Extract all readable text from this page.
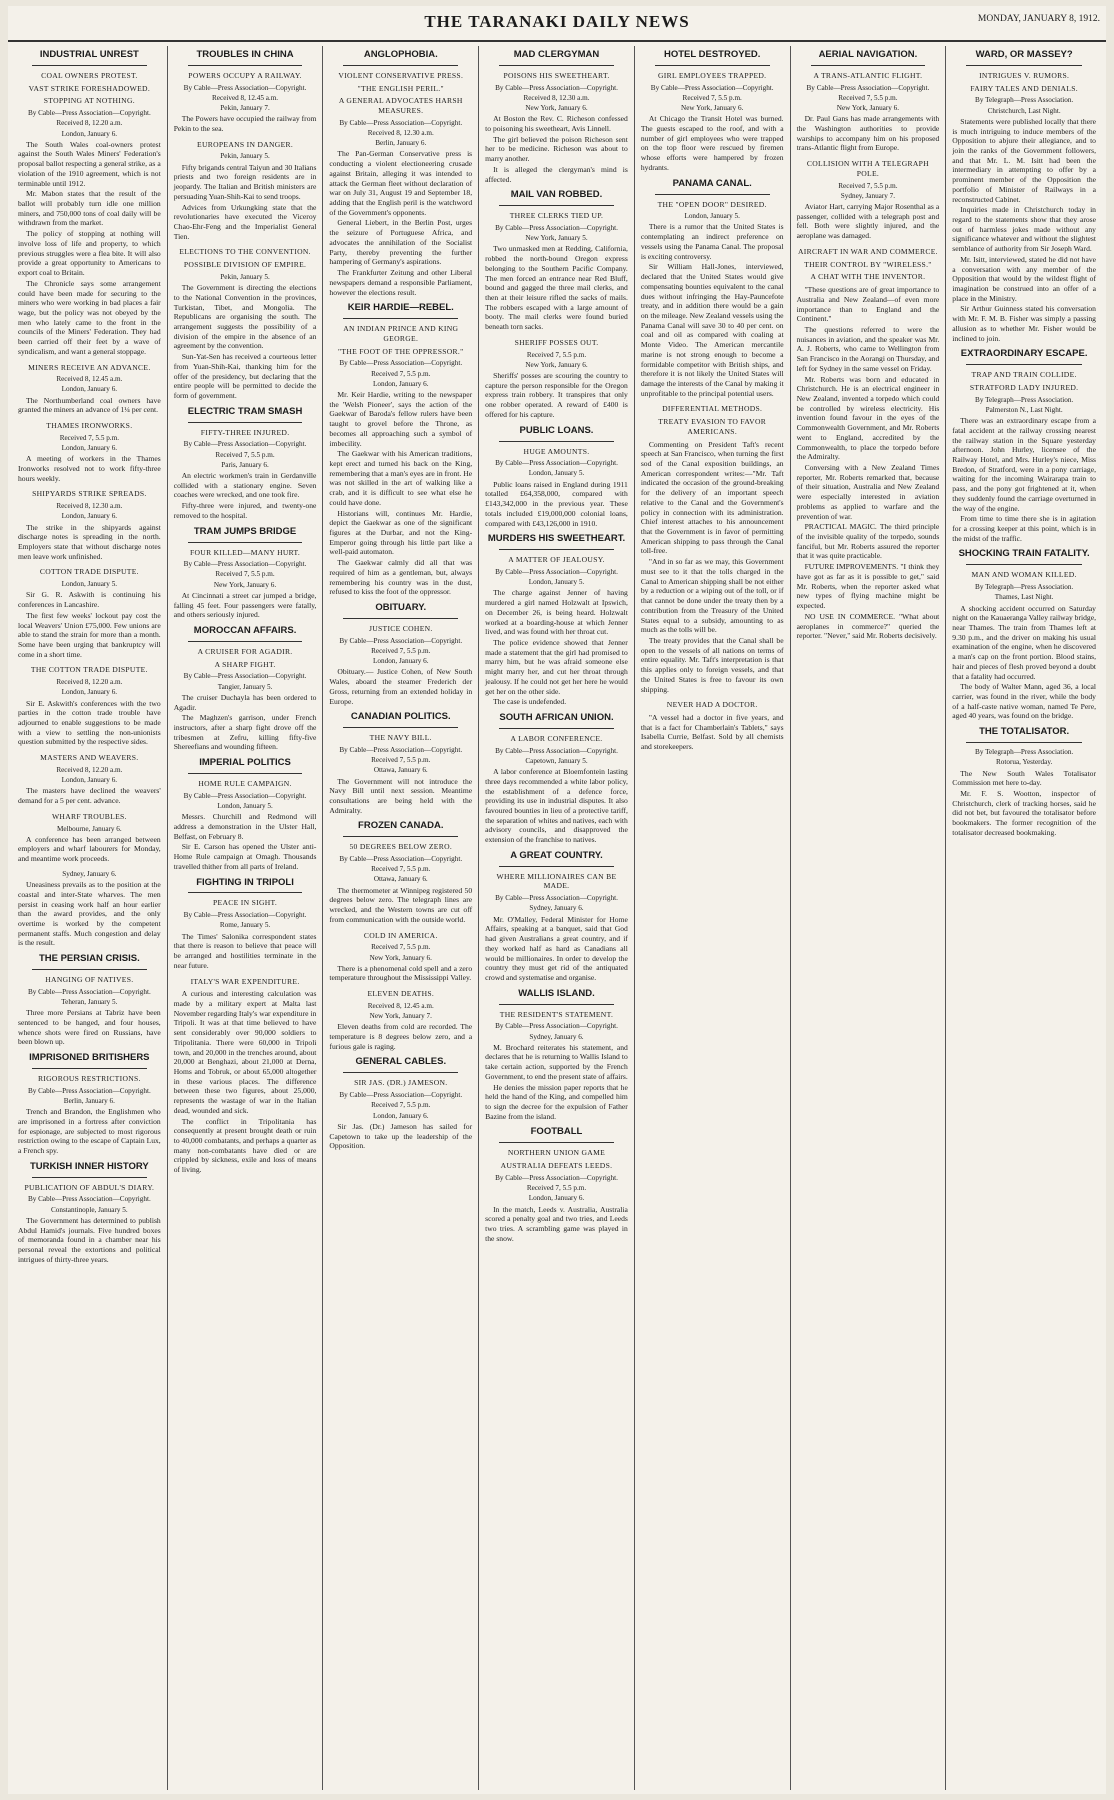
THE TARANAKI DAILY NEWS	MONDAY, JANUARY 8, 1912.
INDUSTRIAL UNREST
COAL OWNERS PROTEST.
VAST STRIKE FORESHADOWED.
STOPPING AT NOTHING.
By Cable—Press Association—Copyright.
Received 8, 12.20 a.m.
London, January 6.
The South Wales coal-owners protest against the South Wales Miners' Federation's proposal ballot respecting a general strike, as a violation of the 1910 agreement, which is not terminable until 1912.
Mr. Mabon states that the result of the ballot will probably turn idle one million miners, and 750,000 tons of coal daily will be withdrawn from the market.
The policy of stopping at nothing will involve loss of life and property, to which previous struggles were a flea bite. It will also provide a great opportunity to Americans to export coal to Britain.
The Chronicle says some arrangement could have been made for securing to the miners who were working in bad places a fair wage, but the policy was not obeyed by the men who lately came to the front in the councils of the Miners' Federation. They had been carried off their feet by a wave of syndicalism, and want a general stoppage.
MINERS RECEIVE AN ADVANCE.
Received 8, 12.45 a.m.
London, January 6.
The Northumberland coal owners have granted the miners an advance of 1¼ per cent.
THAMES IRONWORKS.
Received 7, 5.5 p.m.
London, January 6.
A meeting of workers in the Thames Ironworks resolved not to work fifty-three hours weekly.
SHIPYARDS STRIKE SPREADS.
Received 8, 12.30 a.m.
London, January 6.
The strike in the shipyards against discharge notes is spreading in the north. Employers state that without discharge notes men leave work unfinished.
COTTON TRADE DISPUTE.
London, January 5.
Sir G. R. Askwith is continuing his conferences in Lancashire.
The first few weeks' lockout pay cost the local Weavers' Union £75,000. Few unions are able to stand the strain for more than a month. Some have been urging that bankruptcy will come in a short time.
THE COTTON TRADE DISPUTE.
Received 8, 12.20 a.m.
London, January 6.
Sir E. Askwith's conferences with the two parties in the cotton trade trouble have adjourned to enable suggestions to be made with a view to settling the non-unionists question submitted by the respective sides.
MASTERS AND WEAVERS.
Received 8, 12.20 a.m.
London, January 6.
The masters have declined the weavers' demand for a 5 per cent. advance.
WHARF TROUBLES.
Melbourne, January 6.
A conference has been arranged between employers and wharf labourers for Monday, and meantime work proceeds.
Sydney, January 6.
Uneasiness prevails as to the position at the coastal and inter-State wharves. The men persist in ceasing work half an hour earlier than the award provides, and the only overtime is worked by the competent permanent staffs. Much congestion and delay is the result.
THE PERSIAN CRISIS.
HANGING OF NATIVES.
By Cable—Press Association—Copyright.
Teheran, January 5.
Three more Persians at Tabriz have been sentenced to be hanged, and four houses, whence shots were fired on Russians, have been blown up.
IMPRISONED BRITISHERS
RIGOROUS RESTRICTIONS.
By Cable—Press Association—Copyright.
Berlin, January 6.
Trench and Brandon, the Englishmen who are imprisoned in a fortress after conviction for espionage, are subjected to most rigorous restriction owing to the escape of Captain Lux, a French spy.
TURKISH INNER HISTORY
PUBLICATION OF ABDUL'S DIARY.
By Cable—Press Association—Copyright.
Constantinople, January 5.
The Government has determined to publish Abdul Hamid's journals. Five hundred boxes of memoranda found in a chamber near his personal reveal the extortions and political intrigues of thirty-three years.
TROUBLES IN CHINA
POWERS OCCUPY A RAILWAY.
By Cable—Press Association—Copyright.
Received 8, 12.45 a.m.
Pekin, January 7.
The Powers have occupied the railway from Pekin to the sea.
EUROPEANS IN DANGER.
Pekin, January 5.
Fifty brigands central Taiyun and 30 Italians priests and two foreign residents are in jeopardy. The Italian and British ministers are persuading Yuan-Shih-Kai to send troops.
Advices from Urkungking state that the revolutionaries have executed the Viceroy Chao-Ehr-Feng and the Imperialist General Tien.
ELECTIONS TO THE CONVENTION.
POSSIBLE DIVISION OF EMPIRE.
Pekin, January 5.
The Government is directing the elections to the National Convention in the provinces, Turkistan, Tibet, and Mongolia. The Republicans are organising the south. The arrangement suggests the possibility of a division of the empire in the absence of an agreement by the convention.
Sun-Yat-Sen has received a courteous letter from Yuan-Shih-Kai, thanking him for the offer of the presidency, but declaring that the entire people will be permitted to decide the form of government.
ELECTRIC TRAM SMASH
FIFTY-THREE INJURED.
By Cable—Press Association—Copyright.
Received 7, 5.5 p.m.
Paris, January 6.
An electric workmen's train in Gerdanville collided with a stationary engine. Seven coaches were wrecked, and one took fire.
Fifty-three were injured, and twenty-one removed to the hospital.
TRAM JUMPS BRIDGE
FOUR KILLED—MANY HURT.
By Cable—Press Association—Copyright.
Received 7, 5.5 p.m.
New York, January 6.
At Cincinnati a street car jumped a bridge, falling 45 feet. Four passengers were fatally, and others seriously injured.
MOROCCAN AFFAIRS.
A CRUISER FOR AGADIR.
A SHARP FIGHT.
By Cable—Press Association—Copyright.
Tangier, January 5.
The cruiser Duchayla has been ordered to Agadir.
The Maghzen's garrison, under French instructors, after a sharp fight drove off the tribesmen at Zefru, killing fifty-five Shereefians and wounding fifteen.
IMPERIAL POLITICS
HOME RULE CAMPAIGN.
By Cable—Press Association—Copyright.
London, January 5.
Messrs. Churchill and Redmond will address a demonstration in the Ulster Hall, Belfast, on February 8.
Sir E. Carson has opened the Ulster anti-Home Rule campaign at Omagh. Thousands travelled thither from all parts of Ireland.
FIGHTING IN TRIPOLI
PEACE IN SIGHT.
By Cable—Press Association—Copyright.
Rome, January 5.
The Times' Salonika correspondent states that there is reason to believe that peace will be arranged and hostilities terminate in the near future.
ITALY'S WAR EXPENDITURE.
A curious and interesting calculation was made by a military expert at Malta last November regarding Italy's war expenditure in Tripoli. It was at that time believed to have sent considerably over 90,000 soldiers to Tripolitania. There were 60,000 in Tripoli town, and 20,000 in the trenches around, about 20,000 at Benghazi, about 21,000 at Derna, Homs and Tobruk, or about 65,000 altogether in these various places. The difference between these two figures, about 25,000, represents the wastage of war in the Italian dead, wounded and sick.
The conflict in Tripolitania has consequently at present brought death or ruin to 40,000 combatants, and perhaps a quarter as many non-combatants have died or are crippled by sickness, exile and loss of means of living.
ANGLOPHOBIA.
VIOLENT CONSERVATIVE PRESS.
"THE ENGLISH PERIL."
A GENERAL ADVOCATES HARSH MEASURES.
By Cable—Press Association—Copyright.
Received 8, 12.30 a.m.
Berlin, January 6.
The Pan-German Conservative press is conducting a violent electioneering crusade against Britain, alleging it was intended to attack the German fleet without declaration of war on July 31, August 19 and September 18, adding that the English peril is the watchword of the Government's opponents.
General Liebert, in the Berlin Post, urges the seizure of Portuguese Africa, and advocates the annihilation of the Socialist Party, thereby preventing the further hampering of Germany's aspirations.
The Frankfurter Zeitung and other Liberal newspapers demand a responsible Parliament, however the elections result.
KEIR HARDIE—REBEL.
AN INDIAN PRINCE AND KING GEORGE.
"THE FOOT OF THE OPPRESSOR."
By Cable—Press Association—Copyright.
Received 7, 5.5 p.m.
London, January 6.
Mr. Keir Hardie, writing to the newspaper the 'Welsh Pioneer', says the action of the Gaekwar of Baroda's fellow rulers have been taught to grovel before the Throne, as becomes all approaching such a symbol of imbecility.
The Gaekwar with his American traditions, kept erect and turned his back on the King, remembering that a man's eyes are in front. He was not skilled in the art of walking like a crab, and it is difficult to see what else he could have done.
Historians will, continues Mr. Hardie, depict the Gaekwar as one of the significant figures at the Durbar, and not the King-Emperor going through his little part like a well-paid automaton.
The Gaekwar calmly did all that was required of him as a gentleman, but, always remembering his country was in the dust, refused to kiss the foot of the oppressor.
OBITUARY.
JUSTICE COHEN.
By Cable—Press Association—Copyright.
Received 7, 5.5 p.m.
London, January 6.
Obituary.— Justice Cohen, of New South Wales, aboard the steamer Frederich der Gross, returning from an extended holiday in Europe.
CANADIAN POLITICS.
THE NAVY BILL.
By Cable—Press Association—Copyright.
Received 7, 5.5 p.m.
Ottawa, January 6.
The Government will not introduce the Navy Bill until next session. Meantime consultations are being held with the Admiralty.
FROZEN CANADA.
50 DEGREES BELOW ZERO.
By Cable—Press Association—Copyright.
Received 7, 5.5 p.m.
Ottawa, January 6.
The thermometer at Winnipeg registered 50 degrees below zero. The telegraph lines are wrecked, and the Western towns are cut off from communication with the outside world.
COLD IN AMERICA.
Received 7, 5.5 p.m.
New York, January 6.
There is a phenomenal cold spell and a zero temperature throughout the Mississippi Valley.
ELEVEN DEATHS.
Received 8, 12.45 a.m.
New York, January 7.
Eleven deaths from cold are recorded. The temperature is 8 degrees below zero, and a furious gale is raging.
GENERAL CABLES.
SIR JAS. (DR.) JAMESON.
By Cable—Press Association—Copyright.
Received 7, 5.5 p.m.
London, January 6.
Sir Jas. (Dr.) Jameson has sailed for Capetown to take up the leadership of the Opposition.
MAD CLERGYMAN
POISONS HIS SWEETHEART.
By Cable—Press Association—Copyright.
Received 8, 12.30 a.m.
New York, January 6.
At Boston the Rev. C. Richeson confessed to poisoning his sweetheart, Avis Linnell.
The girl believed the poison Richeson sent her to be medicine. Richeson was about to marry another.
It is alleged the clergyman's mind is affected.
MAIL VAN ROBBED.
THREE CLERKS TIED UP.
By Cable—Press Association—Copyright.
New York, January 5.
Two unmasked men at Redding, California, robbed the north-bound Oregon express belonging to the Southern Pacific Company. The men forced an entrance near Red Bluff, bound and gagged the three mail clerks, and then at their leisure rifled the sacks of mails. The robbers escaped with a large amount of booty. The mail clerks were found buried beneath torn sacks.
SHERIFF POSSES OUT.
Received 7, 5.5 p.m.
New York, January 6.
Sheriffs' posses are scouring the country to capture the person responsible for the Oregon express train robbery. It transpires that only one robber operated. A reward of £400 is offered for his capture.
PUBLIC LOANS.
HUGE AMOUNTS.
By Cable—Press Association—Copyright.
London, January 5.
Public loans raised in England during 1911 totalled £64,358,000, compared with £143,342,000 in the previous year. These totals included £19,000,000 colonial loans, compared with £43,126,000 in 1910.
MURDERS HIS SWEETHEART.
A MATTER OF JEALOUSY.
By Cable—Press Association—Copyright.
London, January 5.
The charge against Jenner of having murdered a girl named Holzwalt at Ipswich, on December 26, is being heard. Holzwalt worked at a boarding-house at which Jenner lived, and was found with her throat cut.
The police evidence showed that Jenner made a statement that the girl had promised to marry him, but he was afraid someone else might marry her, and cut her throat through jealousy. If he could not get her here he would get her on the other side.
The case is undefended.
SOUTH AFRICAN UNION.
A LABOR CONFERENCE.
By Cable—Press Association—Copyright.
Capetown, January 5.
A labor conference at Bloemfontein lasting three days recommended a white labor policy, the establishment of a defence force, providing its use in industrial disputes. It also favoured bounties in lieu of a protective tariff, the separation of whites and natives, each with advisory councils, and disapproved the extension of the franchise to natives.
A GREAT COUNTRY.
WHERE MILLIONAIRES CAN BE MADE.
By Cable—Press Association—Copyright.
Sydney, January 6.
Mr. O'Malley, Federal Minister for Home Affairs, speaking at a banquet, said that God had given Australians a great country, and if they worked half as hard as Canadians all would be millionaires. In order to develop the country they must get rid of the antiquated crowd and systematise and organise.
WALLIS ISLAND.
THE RESIDENT'S STATEMENT.
By Cable—Press Association—Copyright.
Sydney, January 6.
M. Brochard reiterates his statement, and declares that he is returning to Wallis Island to take certain action, supported by the French Government, to end the present state of affairs.
He denies the mission paper reports that he held the hand of the King, and compelled him to sign the decree for the expulsion of Father Bazine from the island.
FOOTBALL
NORTHERN UNION GAME
AUSTRALIA DEFEATS LEEDS.
By Cable—Press Association—Copyright.
Received 7, 5.5 p.m.
London, January 6.
In the match, Leeds v. Australia, Australia scored a penalty goal and two tries, and Leeds two tries. A scrambling game was played in the snow.
HOTEL DESTROYED.
GIRL EMPLOYEES TRAPPED.
By Cable—Press Association—Copyright.
Received 7, 5.5 p.m.
New York, January 6.
At Chicago the Transit Hotel was burned. The guests escaped to the roof, and with a number of girl employees who were trapped on the top floor were rescued by firemen whose efforts were hampered by frozen hydrants.
PANAMA CANAL.
THE "OPEN DOOR" DESIRED.
London, January 5.
There is a rumor that the United States is contemplating an indirect preference on vessels using the Panama Canal. The proposal is exciting controversy.
Sir William Hall-Jones, interviewed, declared that the United States would give compensating bounties equivalent to the canal dues without infringing the Hay-Pauncefote treaty, and in addition there would be a gain on the mileage. New Zealand vessels using the Panama Canal will save 30 to 40 per cent. on coal and oil as compared with coaling at Monte Video. The American mercantile marine is not strong enough to become a formidable competitor with British ships, and therefore it is not likely the United States will damage the interests of the Canal by making it unprofitable to the principal potential users.
DIFFERENTIAL METHODS.
TREATY EVASION TO FAVOR AMERICANS.
Commenting on President Taft's recent speech at San Francisco, when turning the first sod of the Canal exposition buildings, an American correspondent writes:—"Mr. Taft indicated the occasion of the ground-breaking for the delivery of an important speech relative to the Canal and the Government's policy in connection with its administration. Chief interest attaches to his announcement that the Government is in favor of permitting American shipping to pass through the Canal toll-free.
"And in so far as we may, this Government must see to it that the tolls charged in the Canal to American shipping shall be not either by a reduction or a wiping out of the toll, or if that cannot be done under the treaty then by a contribution from the Treasury of the United States equal to a subsidy, amounting to as much as the tolls will be.
The treaty provides that the Canal shall be open to the vessels of all nations on terms of entire equality. Mr. Taft's interpretation is that this applies only to foreign vessels, and that the United States is free to favour its own shipping.
NEVER HAD A DOCTOR.
"A vessel had a doctor in five years, and that is a fact for Chamberlain's Tablets," says Isabella Currie, Belfast. Sold by all chemists and storekeepers.
AERIAL NAVIGATION.
A TRANS-ATLANTIC FLIGHT.
By Cable—Press Association—Copyright.
Received 7, 5.5 p.m.
New York, January 6.
Dr. Paul Gans has made arrangements with the Washington authorities to provide warships to accompany him on his proposed trans-Atlantic flight from Europe.
COLLISION WITH A TELEGRAPH POLE.
Received 7, 5.5 p.m.
Sydney, January 7.
Aviator Hart, carrying Major Rosenthal as a passenger, collided with a telegraph post and fell. Both were slightly injured, and the aeroplane was damaged.
AIRCRAFT IN WAR AND COMMERCE.
THEIR CONTROL BY "WIRELESS."
A CHAT WITH THE INVENTOR.
"These questions are of great importance to Australia and New Zealand—of even more importance than to England and the Continent."
The questions referred to were the nuisances in aviation, and the speaker was Mr. A. J. Roberts, who came to Wellington from San Francisco in the Aorangi on Thursday, and left for Sydney in the same vessel on Friday.
Mr. Roberts was born and educated in Christchurch. He is an electrical engineer in New Zealand, invented a torpedo which could be controlled by wireless electricity. His invention found favour in the eyes of the Commonwealth Government, and Mr. Roberts went to England, accredited by the Commonwealth, to place the torpedo before the Admiralty.
Conversing with a New Zealand Times reporter, Mr. Roberts remarked that, because of their situation, Australia and New Zealand were especially interested in aviation problems as applied to warfare and the prevention of war.
PRACTICAL MAGIC. The third principle of the invisible quality of the torpedo, sounds fanciful, but Mr. Roberts assured the reporter that it was quite practicable.
FUTURE IMPROVEMENTS. "I think they have got as far as it is possible to get," said Mr. Roberts, when the reporter asked what new types of flying machine might be expected.
NO USE IN COMMERCE. "What about aeroplanes in commerce?" queried the reporter. "Never," said Mr. Roberts decisively.
WARD, OR MASSEY?
INTRIGUES V. RUMORS.
FAIRY TALES AND DENIALS.
By Telegraph—Press Association.
Christchurch, Last Night.
Statements were published locally that there is much intriguing to induce members of the Opposition to abjure their allegiance, and to join the ranks of the Government followers, and that Mr. L. M. Isitt had been the intermediary in attempting to offer by a prominent member of the Opposition the portfolio of Minister of Railways in a reconstructed Cabinet.
Inquiries made in Christchurch today in regard to the statements show that they arose out of harmless jokes made without any significance whatever and without the slightest semblance of authority from Sir Joseph Ward.
Mr. Isitt, interviewed, stated he did not have a conversation with any member of the Opposition that would by the wildest flight of imagination be construed into an offer of a place in the Ministry.
Sir Arthur Guinness stated his conversation with Mr. F. M. B. Fisher was simply a passing allusion as to whether Mr. Fisher would be inclined to join.
EXTRAORDINARY ESCAPE.
TRAP AND TRAIN COLLIDE.
STRATFORD LADY INJURED.
By Telegraph—Press Association.
Palmerston N., Last Night.
There was an extraordinary escape from a fatal accident at the railway crossing nearest the railway station in the Square yesterday afternoon. John Hurley, licensee of the Railway Hotel, and Mrs. Hurley's niece, Miss Bredon, of Stratford, were in a pony carriage, waiting for the incoming Wairarapa train to pass, and the pony got frightened at it, when they suddenly found the carriage overturned in the way of the engine.
From time to time there she is in agitation for a crossing keeper at this point, which is in the midst of the traffic.
SHOCKING TRAIN FATALITY.
MAN AND WOMAN KILLED.
By Telegraph—Press Association.
Thames, Last Night.
A shocking accident occurred on Saturday night on the Kauaeranga Valley railway bridge, near Thames. The train from Thames left at 9.30 p.m., and the driver on making his usual examination of the engine, when he discovered a man's cap on the front portion. Blood stains, hair and pieces of flesh proved beyond a doubt that a fatality had occurred.
The body of Walter Mann, aged 36, a local carrier, was found in the river, while the body of a half-caste native woman, named Te Pere, aged 40 years, was found on the bridge.
THE TOTALISATOR.
By Telegraph—Press Association.
Rotorua, Yesterday.
The New South Wales Totalisator Commission met here to-day.
Mr. F. S. Wootton, inspector of Christchurch, clerk of tracking horses, said he did not bet, but favoured the totalisator before bookmakers. The former recognition of the totalisator decreased bookmaking.
